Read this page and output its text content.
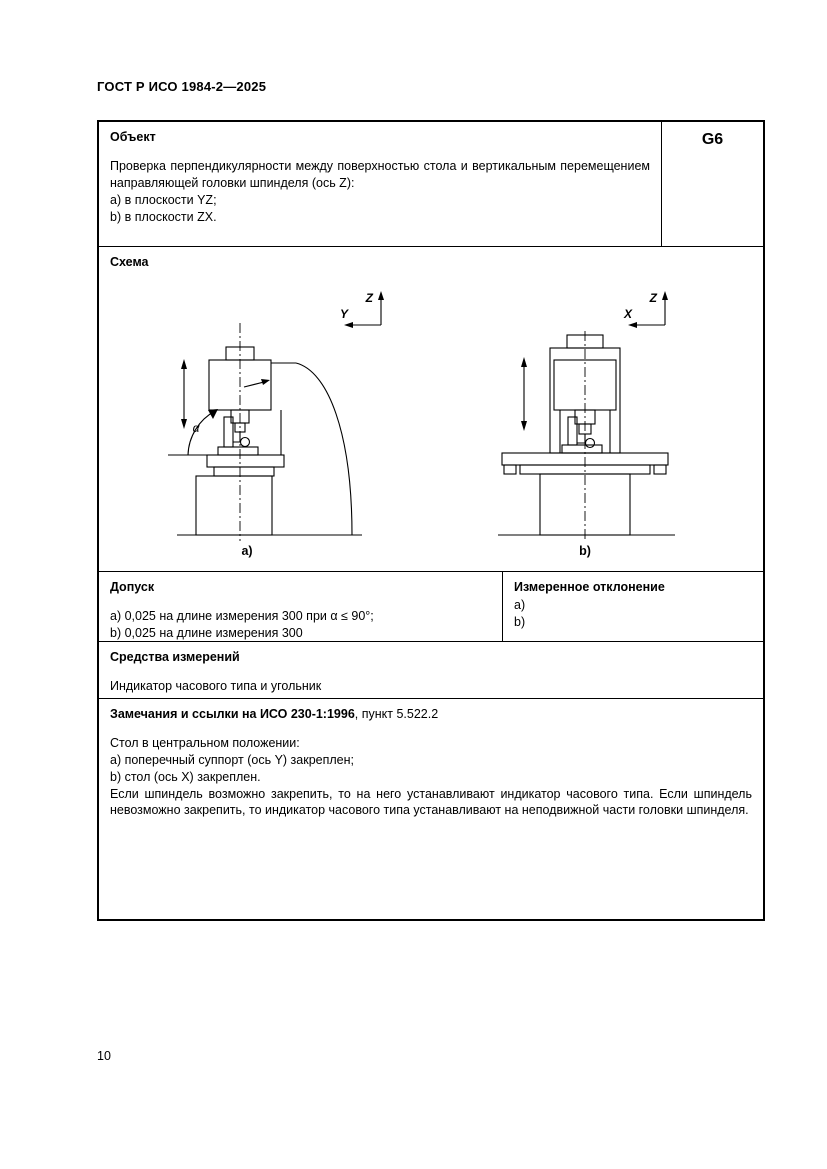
ГОСТ Р ИСО 1984-2—2025
Объект

Проверка перпендикулярности между поверхностью стола и вертикальным перемещением направляющей головки шпинделя (ось Z):

a) в плоскости YZ;
b) в плоскости ZX.
G6
Схема
Z
Y
α
a)
Z
X
b)
Допуск
a) 0,025 на длине измерения 300 при α ≤ 90°;
b) 0,025 на длине измерения 300
Измеренное отклонение
a)
b)
Средства измерений
Индикатор часового типа и угольник
Замечания и ссылки на ИСО 230-1:1996, пункт 5.522.2
Стол в центральном положении:
a) поперечный суппорт (ось Y) закреплен;
b) стол (ось X) закреплен.

Если шпиндель возможно закрепить, то на него устанавливают индикатор часового типа. Если шпиндель невозможно закрепить, то индикатор часового типа устанавливают на неподвижной части головки шпинделя.

10
